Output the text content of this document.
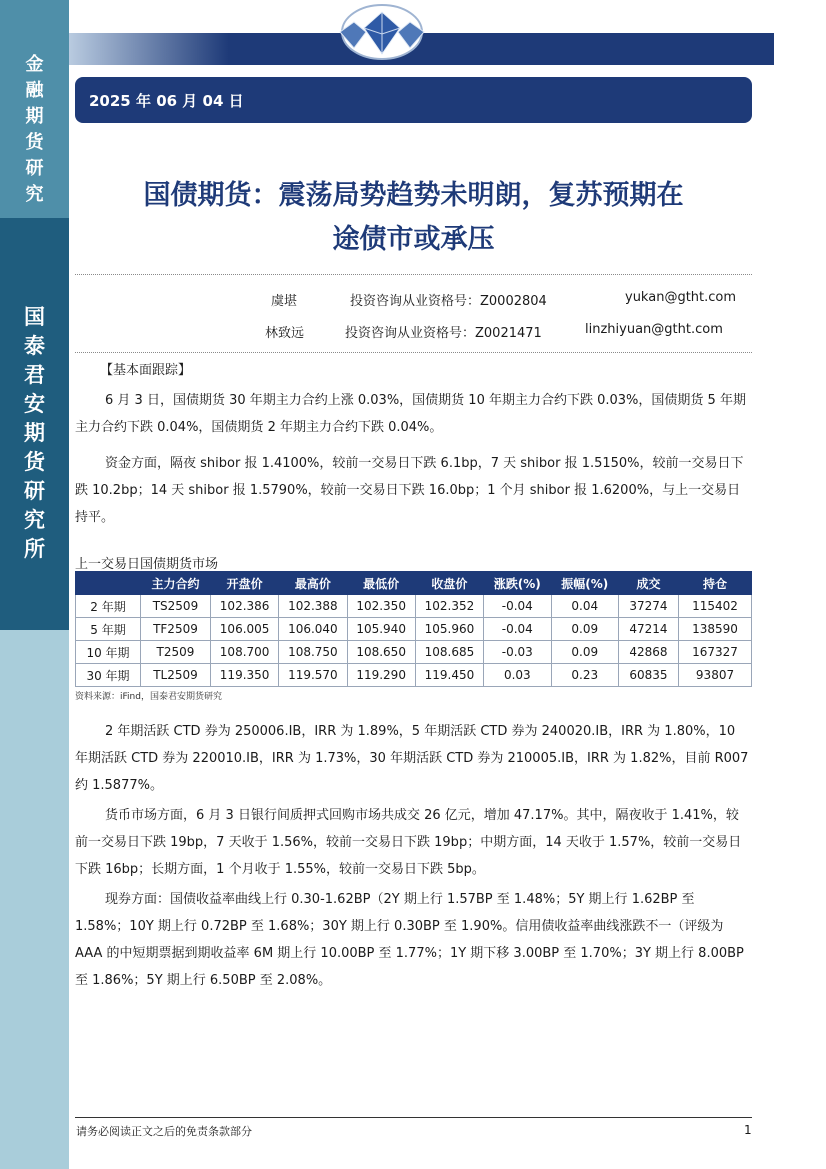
金
融
期
货
研
究
国
泰
君
安
期
货
研
究
所
2025 年 06 月 04 日
国债期货：震荡局势趋势未明朗，复苏预期在
途债市或承压
虞堪	投资咨询从业资格号：Z0002804	yukan@gtht.com
林致远	投资咨询从业资格号：Z0021471	linzhiyuan@gtht.com
【基本面跟踪】

6 月 3 日，国债期货 30 年期主力合约上涨 0.03%，国债期货 10 年期主力合约下跌 0.03%，国债期货 5 年期主力合约下跌 0.04%，国债期货 2 年期主力合约下跌 0.04%。

资金方面，隔夜 shibor 报 1.4100%，较前一交易日下跌 6.1bp，7 天 shibor 报 1.5150%，较前一交易日下跌 10.2bp；14 天 shibor 报 1.5790%，较前一交易日下跌 16.0bp；1 个月 shibor 报 1.6200%，与上一交易日持平。

上一交易日国债期货市场
	主力合约	开盘价	最高价	最低价	收盘价	涨跌(%)	振幅(%)	成交	持仓
2 年期	TS2509	102.386	102.388	102.350	102.352	-0.04	0.04	37274	115402
5 年期	TF2509	106.005	106.040	105.940	105.960	-0.04	0.09	47214	138590
10 年期	T2509	108.700	108.750	108.650	108.685	-0.03	0.09	42868	167327
30 年期	TL2509	119.350	119.570	119.290	119.450	0.03	0.23	60835	93807
资料来源：iFind，国泰君安期货研究

2 年期活跃 CTD 券为 250006.IB，IRR 为 1.89%，5 年期活跃 CTD 券为 240020.IB，IRR 为 1.80%，10 年期活跃 CTD 券为 220010.IB，IRR 为 1.73%，30 年期活跃 CTD 券为 210005.IB，IRR 为 1.82%，目前 R007 约 1.5877%。

货币市场方面，6 月 3 日银行间质押式回购市场共成交 26 亿元，增加 47.17%。其中，隔夜收于 1.41%，较前一交易日下跌 19bp，7 天收于 1.56%，较前一交易日下跌 19bp；中期方面，14 天收于 1.57%，较前一交易日下跌 16bp；长期方面，1 个月收于 1.55%，较前一交易日下跌 5bp。

现券方面：国债收益率曲线上行 0.30-1.62BP（2Y 期上行 1.57BP 至 1.48%；5Y 期上行 1.62BP 至 1.58%；10Y 期上行 0.72BP 至 1.68%；30Y 期上行 0.30BP 至 1.90%。信用债收益率曲线涨跌不一（评级为 AAA 的中短期票据到期收益率 6M 期上行 10.00BP 至 1.77%；1Y 期下移 3.00BP 至 1.70%；3Y 期上行 8.00BP 至 1.86%；5Y 期上行 6.50BP 至 2.08%。

请务必阅读正文之后的免责条款部分	1
